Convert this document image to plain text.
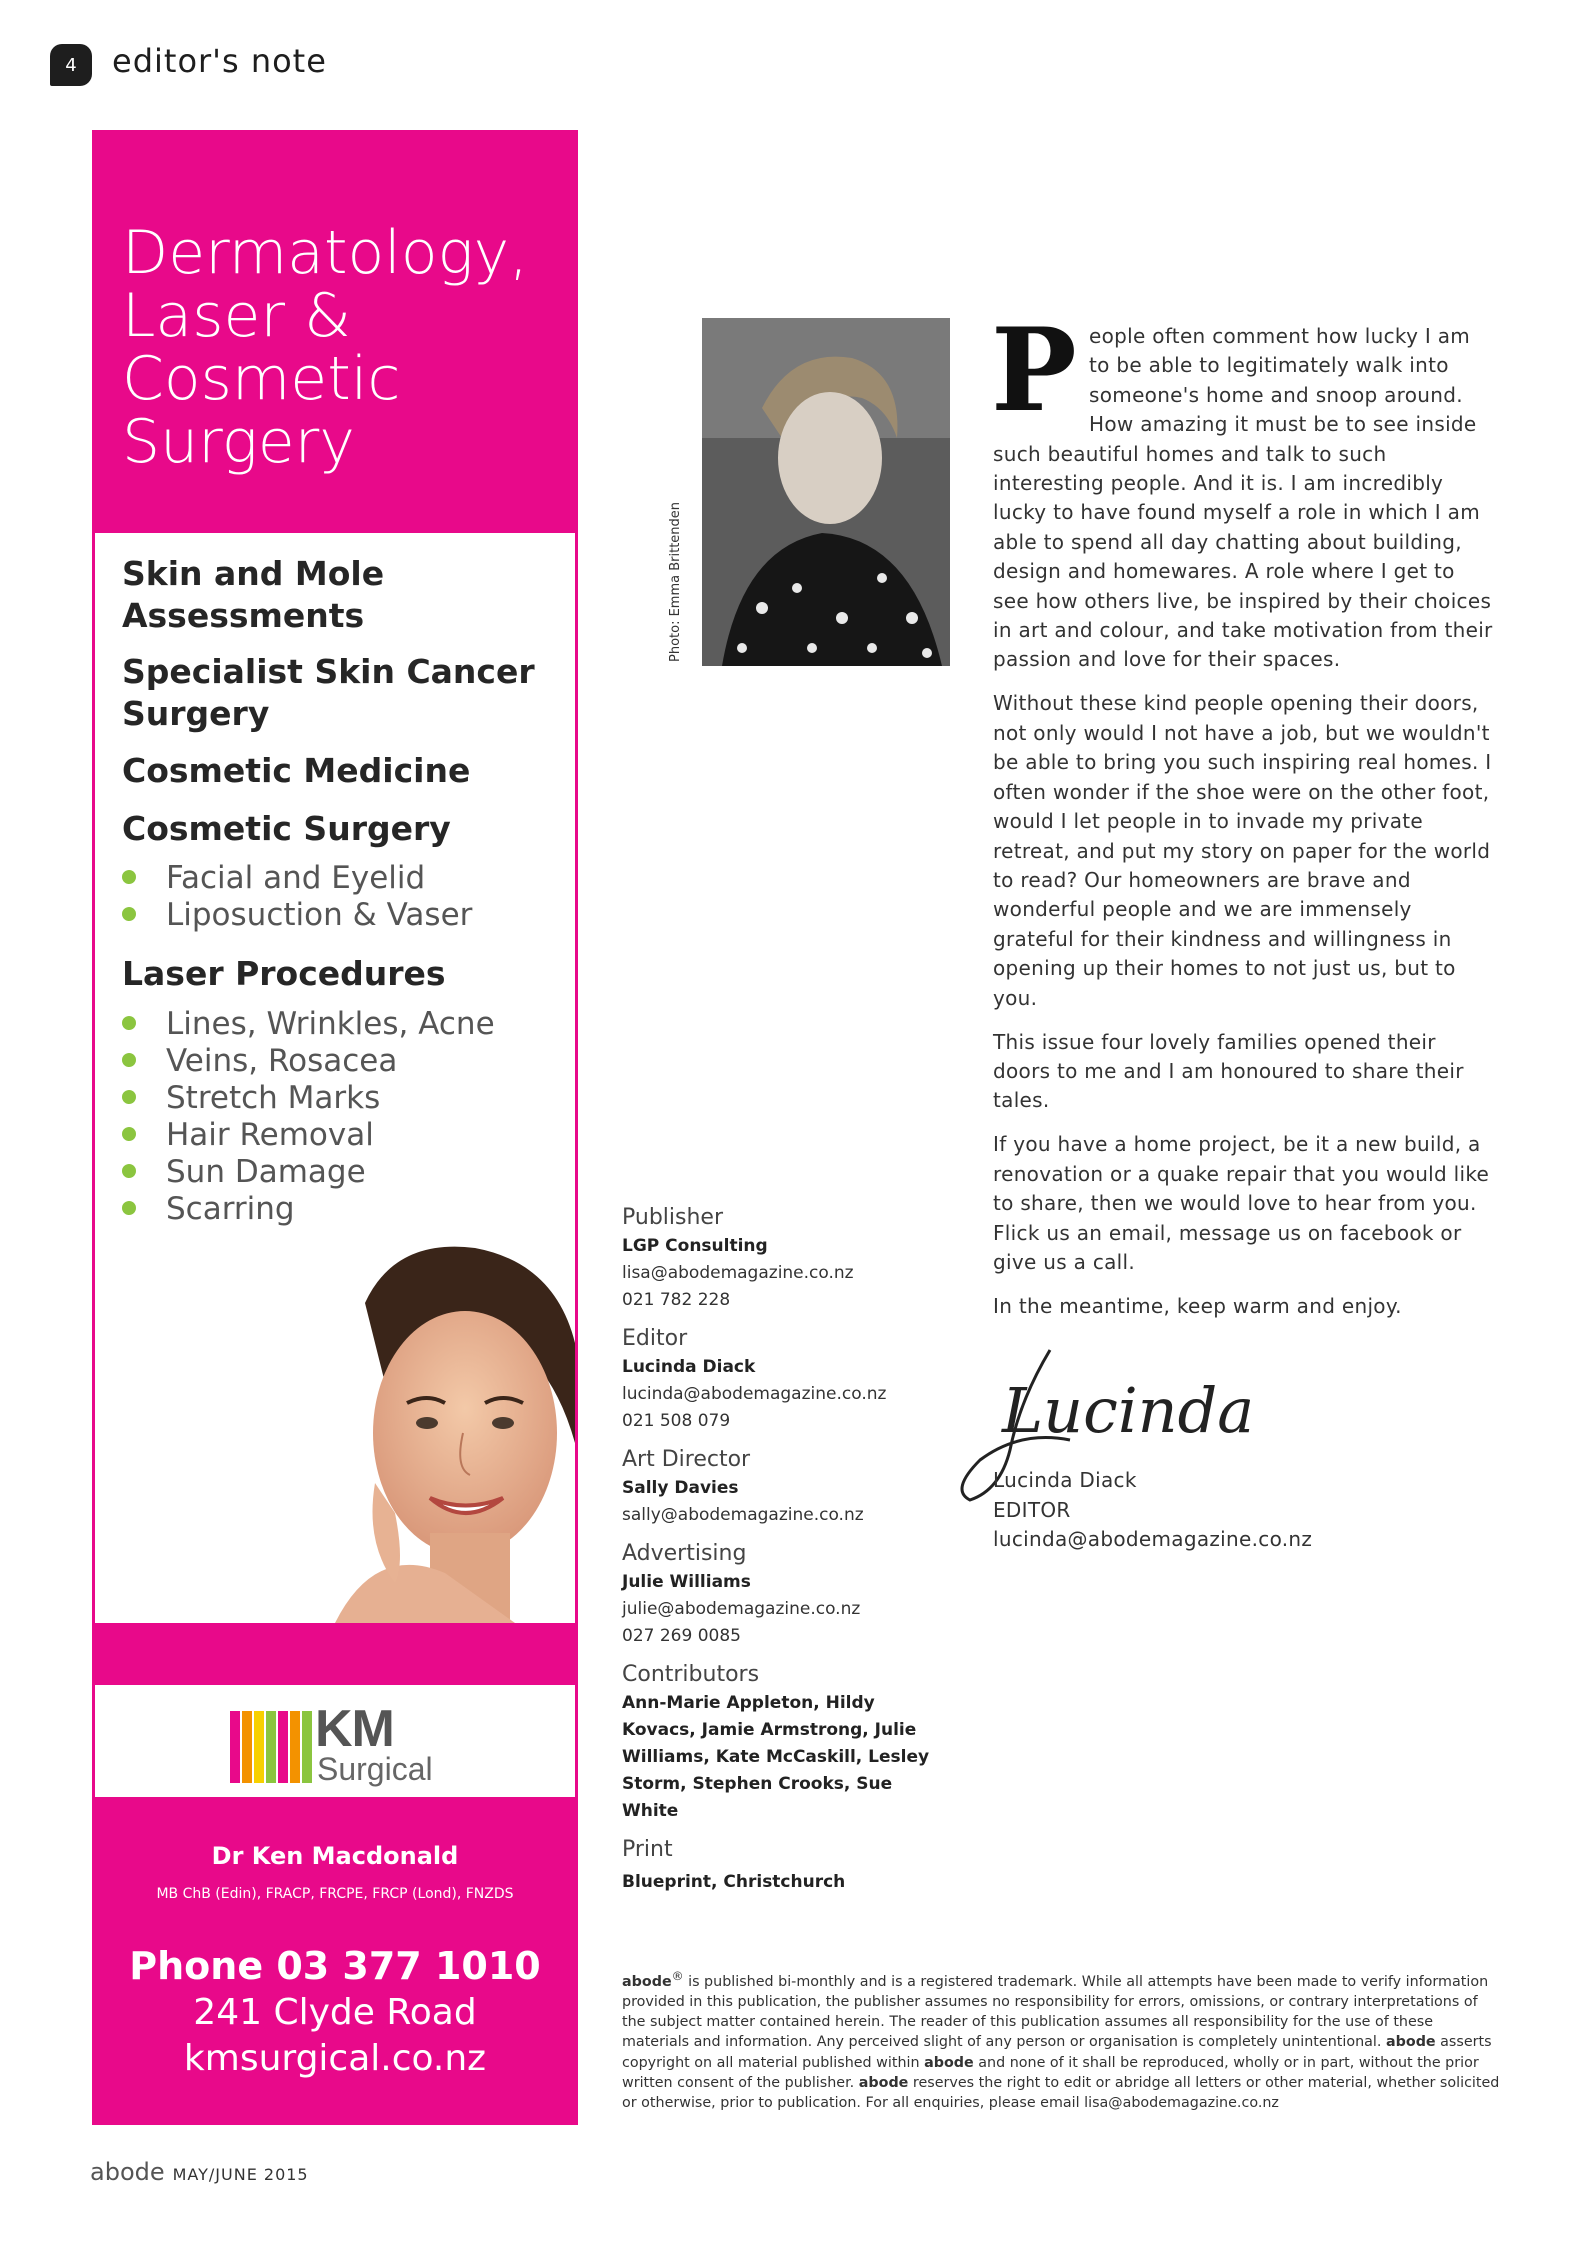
4	editor's note
Dermatology, Laser & Cosmetic Surgery
Skin and Mole Assessments
Specialist Skin Cancer Surgery
Cosmetic Medicine
Cosmetic Surgery
Facial and Eyelid
Liposuction & Vaser
Laser Procedures
Lines, Wrinkles, Acne
Veins, Rosacea
Stretch Marks
Hair Removal
Sun Damage
Scarring
KM
Surgical
Dr Ken Macdonald
MB ChB (Edin), FRACP, FRCPE, FRCP (Lond), FNZDS
Phone 03 377 1010
241 Clyde Road
kmsurgical.co.nz
Photo: Emma Brittenden

People often comment how lucky I am to be able to legitimately walk into someone's home and snoop around. How amazing it must be to see inside such beautiful homes and talk to such interesting people. And it is. I am incredibly lucky to have found myself a role in which I am able to spend all day chatting about building, design and homewares. A role where I get to see how others live, be inspired by their choices in art and colour, and take motivation from their passion and love for their spaces.

Without these kind people opening their doors, not only would I not have a job, but we wouldn't be able to bring you such inspiring real homes. I often wonder if the shoe were on the other foot, would I let people in to invade my private retreat, and put my story on paper for the world to read? Our homeowners are brave and wonderful people and we are immensely grateful for their kindness and willingness in opening up their homes to not just us, but to you.

This issue four lovely families opened their doors to me and I am honoured to share their tales.

If you have a home project, be it a new build, a renovation or a quake repair that you would like to share, then we would love to hear from you. Flick us an email, message us on facebook or give us a call.

In the meantime, keep warm and enjoy.

Lucinda
Lucinda Diack
EDITOR
lucinda@abodemagazine.co.nz
Publisher
LGP Consulting
lisa@abodemagazine.co.nz
021 782 228
Editor
Lucinda Diack
lucinda@abodemagazine.co.nz
021 508 079
Art Director
Sally Davies
sally@abodemagazine.co.nz
Advertising
Julie Williams
julie@abodemagazine.co.nz
027 269 0085
Contributors
Ann-Marie Appleton, Hildy Kovacs, Jamie Armstrong, Julie Williams, Kate McCaskill, Lesley Storm, Stephen Crooks, Sue White
Print
Blueprint, Christchurch
abode® is published bi-monthly and is a registered trademark. While all attempts have been made to verify information provided in this publication, the publisher assumes no responsibility for errors, omissions, or contrary interpretations of the subject matter contained herein. The reader of this publication assumes all responsibility for the use of these materials and information. Any perceived slight of any person or organisation is completely unintentional. abode asserts copyright on all material published within abode and none of it shall be reproduced, wholly or in part, without the prior written consent of the publisher. abode reserves the right to edit or abridge all letters or other material, whether solicited or otherwise, prior to publication. For all enquiries, please email lisa@abodemagazine.co.nz
abode MAY/JUNE 2015
